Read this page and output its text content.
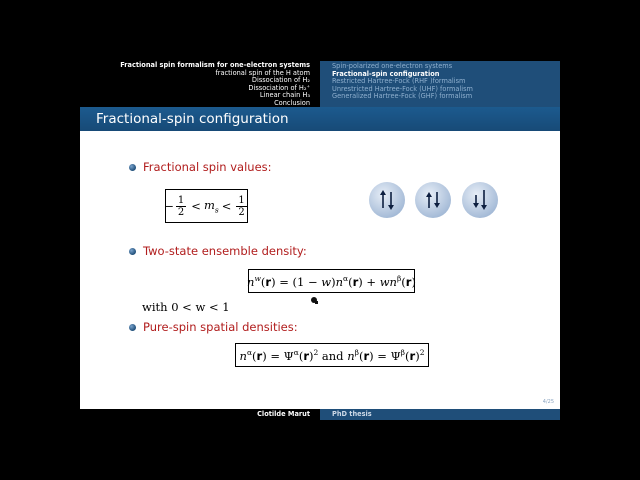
Fractional spin formalism for one-electron systems
fractional spin of the H atom
Dissociation of H₂
Dissociation of H₂⁺
Linear chain H₃
Conclusion
Spin-polarized one-electron systems
Fractional-spin configuration
Restricted Hartree-Fock (RHF )formalism
Unrestricted Hartree-Fock (UHF) formalism
Generalized Hartree-Fock (GHF) formalism
Fractional-spin configuration
Fractional spin values:
− $\frac{1}{2} < m_s < \frac{1}{2}$
Two-state ensemble density:
$n^w(r) = (1 - w)n^\alpha(r) + wn^\beta(r)$
with 0 < w < 1
Pure-spin spatial densities:
$n^\alpha(r) = \Psi^\alpha(r)^2$ and $n^\beta(r) = \Psi^\beta(r)^2$
4/25
Clotilde Marut	PhD thesis
